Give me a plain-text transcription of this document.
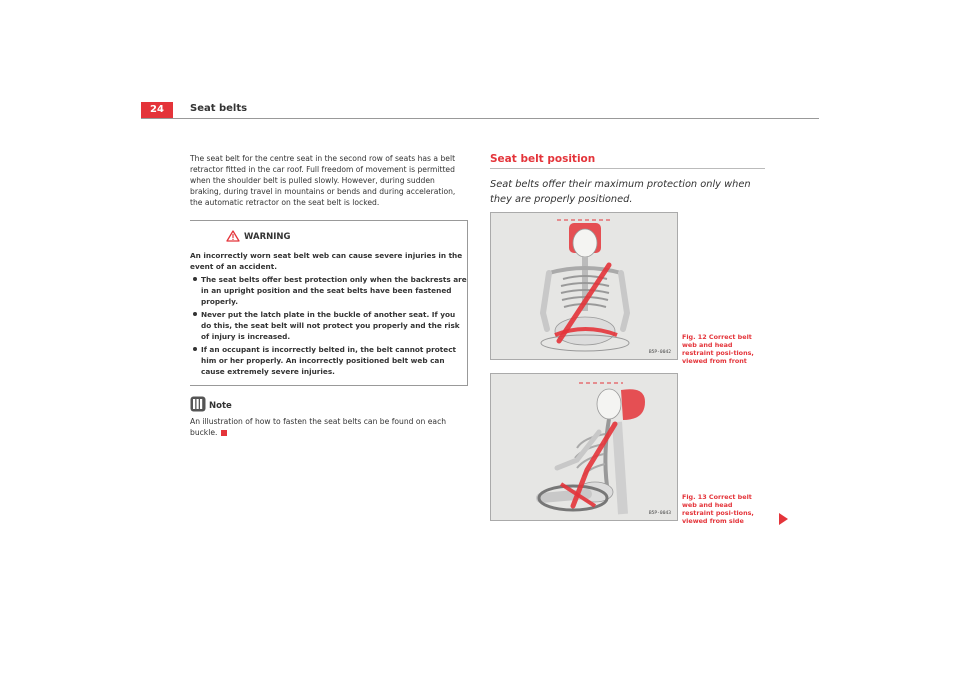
24	Seat belts

The seat belt for the centre seat in the second row of seats has a belt retractor fitted in the car roof. Full freedom of movement is permitted when the shoulder belt is pulled slowly. However, during sudden braking, during travel in mountains or bends and during acceleration, the automatic retractor on the seat belt is locked.

WARNING

An incorrectly worn seat belt web can cause severe injuries in the event of an accident.

The seat belts offer best protection only when the backrests are in an upright position and the seat belts have been fastened properly.

Never put the latch plate in the buckle of another seat. If you do this, the seat belt will not protect you properly and the risk of injury is increased.

If an occupant is incorrectly belted in, the belt cannot protect him or her properly. An incorrectly positioned belt web can cause extremely severe injuries.

Note

An illustration of how to fasten the seat belts can be found on each buckle.

Seat belt position

Seat belts offer their maximum protection only when they are properly positioned.

B5P-0042
Fig. 12 Correct belt web and head restraint posi-tions, viewed from front
B5P-0043
Fig. 13 Correct belt web and head restraint posi-tions, viewed from side
